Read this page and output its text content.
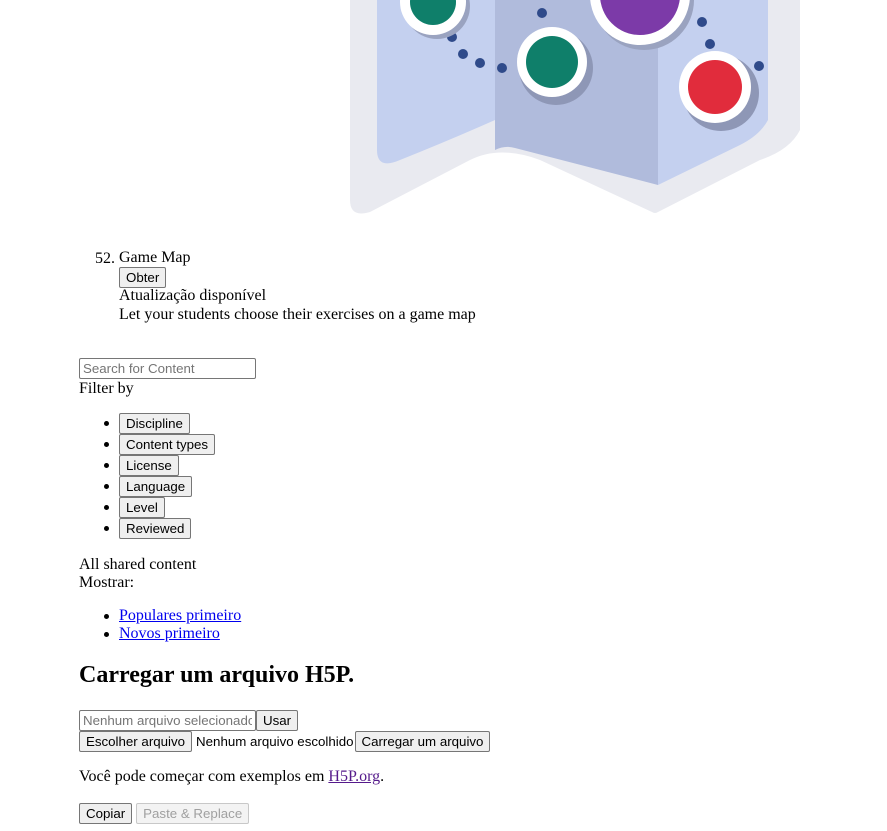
52. Game Map
Obter
Atualização disponível
Let your students choose their exercises on a game map
Search for Content
Filter by
Discipline
Content types
License
Language
Level
Reviewed
All shared content
Mostrar:
Populares primeiro
Novos primeiro
Carregar um arquivo H5P.
Nenhum arquivo selecionado
Usar
Escolher arquivo Nenhum arquivo escolhido Carregar um arquivo
Você pode começar com exemplos em H5P.org.
Copiar	Paste & Replace
